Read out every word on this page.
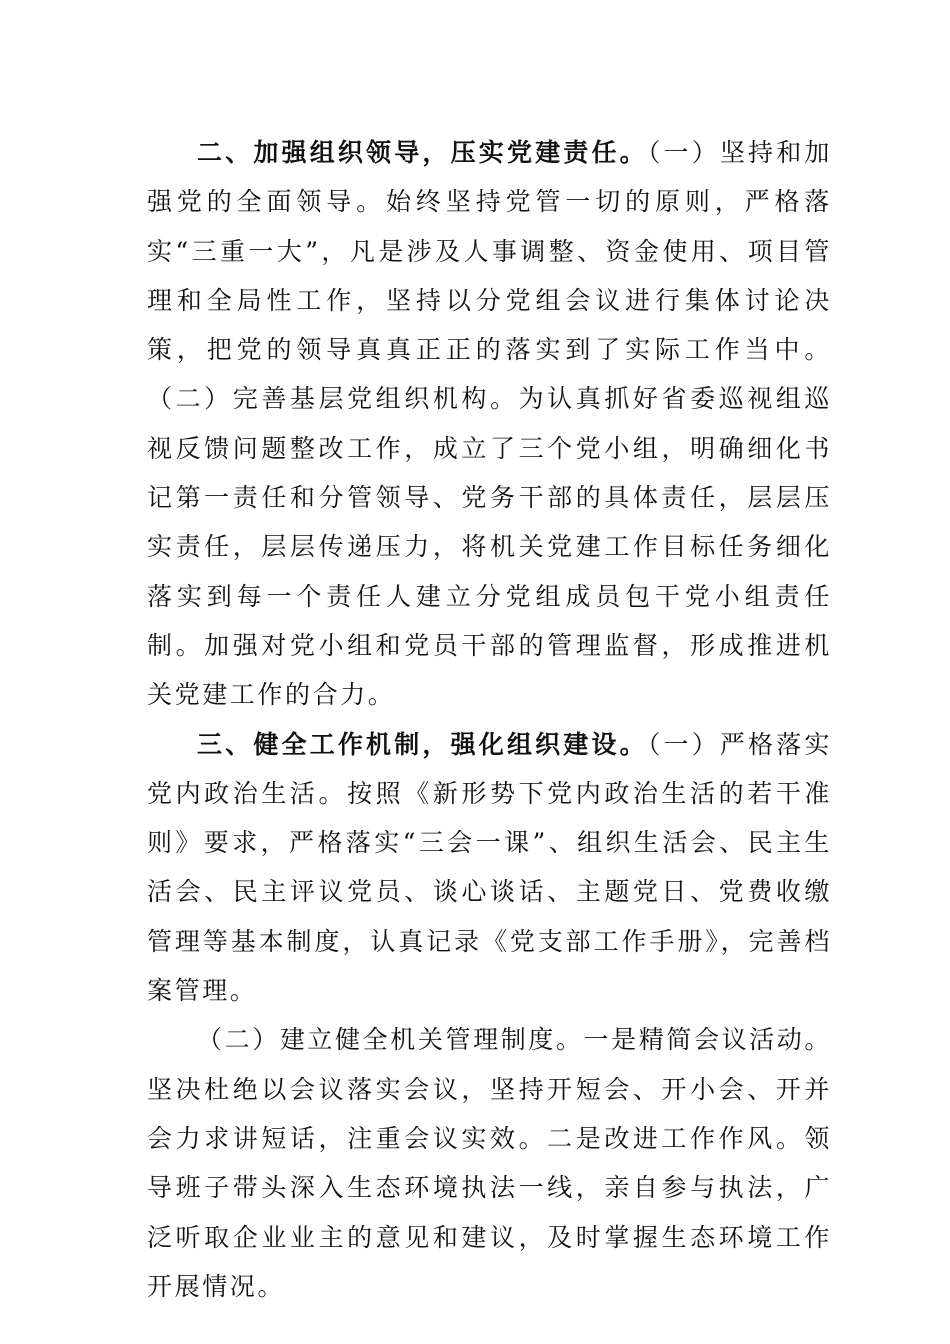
二、加强组织领导，压实党建责任。（一）坚持和加强党的全面领导。始终坚持党管一切的原则，严格落实“三重一大”，凡是涉及人事调整、资金使用、项目管理和全局性工作，坚持以分党组会议进行集体讨论决策，把党的领导真真正正的落实到了实际工作当中。（二）完善基层党组织机构。为认真抓好省委巡视组巡视反馈问题整改工作，成立了三个党小组，明确细化书记第一责任和分管领导、党务干部的具体责任，层层压实责任，层层传递压力，将机关党建工作目标任务细化落实到每一个责任人建立分党组成员包干党小组责任制。加强对党小组和党员干部的管理监督，形成推进机关党建工作的合力。

三、健全工作机制，强化组织建设。（一）严格落实党内政治生活。按照《新形势下党内政治生活的若干准则》要求，严格落实“三会一课”、组织生活会、民主生活会、民主评议党员、谈心谈话、主题党日、党费收缴管理等基本制度，认真记录《党支部工作手册》，完善档案管理。

（二）建立健全机关管理制度。一是精简会议活动。坚决杜绝以会议落实会议，坚持开短会、开小会、开并会力求讲短话，注重会议实效。二是改进工作作风。领导班子带头深入生态环境执法一线，亲自参与执法，广泛听取企业业主的意见和建议，及时掌握生态环境工作开展情况。
